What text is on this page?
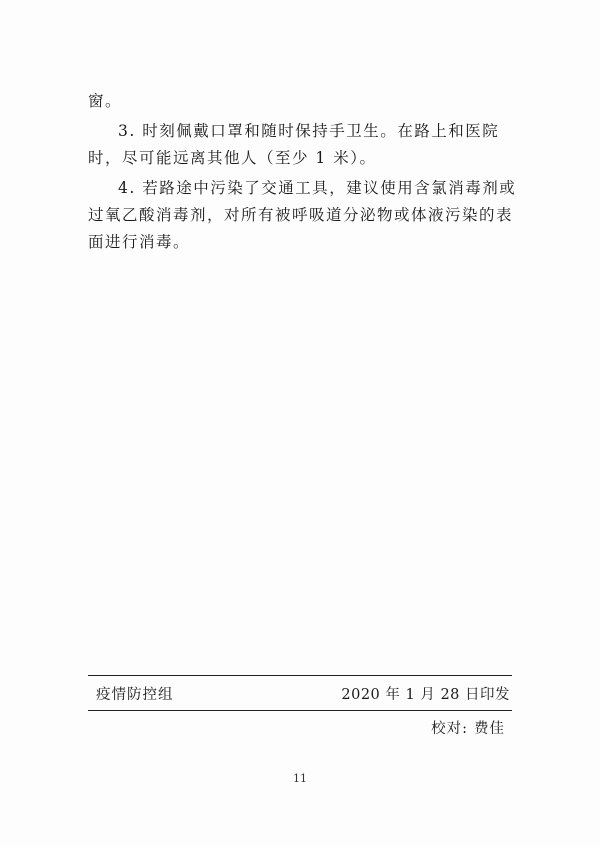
窗。

3. 时刻佩戴口罩和随时保持手卫生。在路上和医院时，尽可能远离其他人（至少 1 米）。

4. 若路途中污染了交通工具，建议使用含氯消毒剂或过氧乙酸消毒剂，对所有被呼吸道分泌物或体液污染的表面进行消毒。

疫情防控组	2020 年 1 月 28 日印发
校对: 费佳
11
